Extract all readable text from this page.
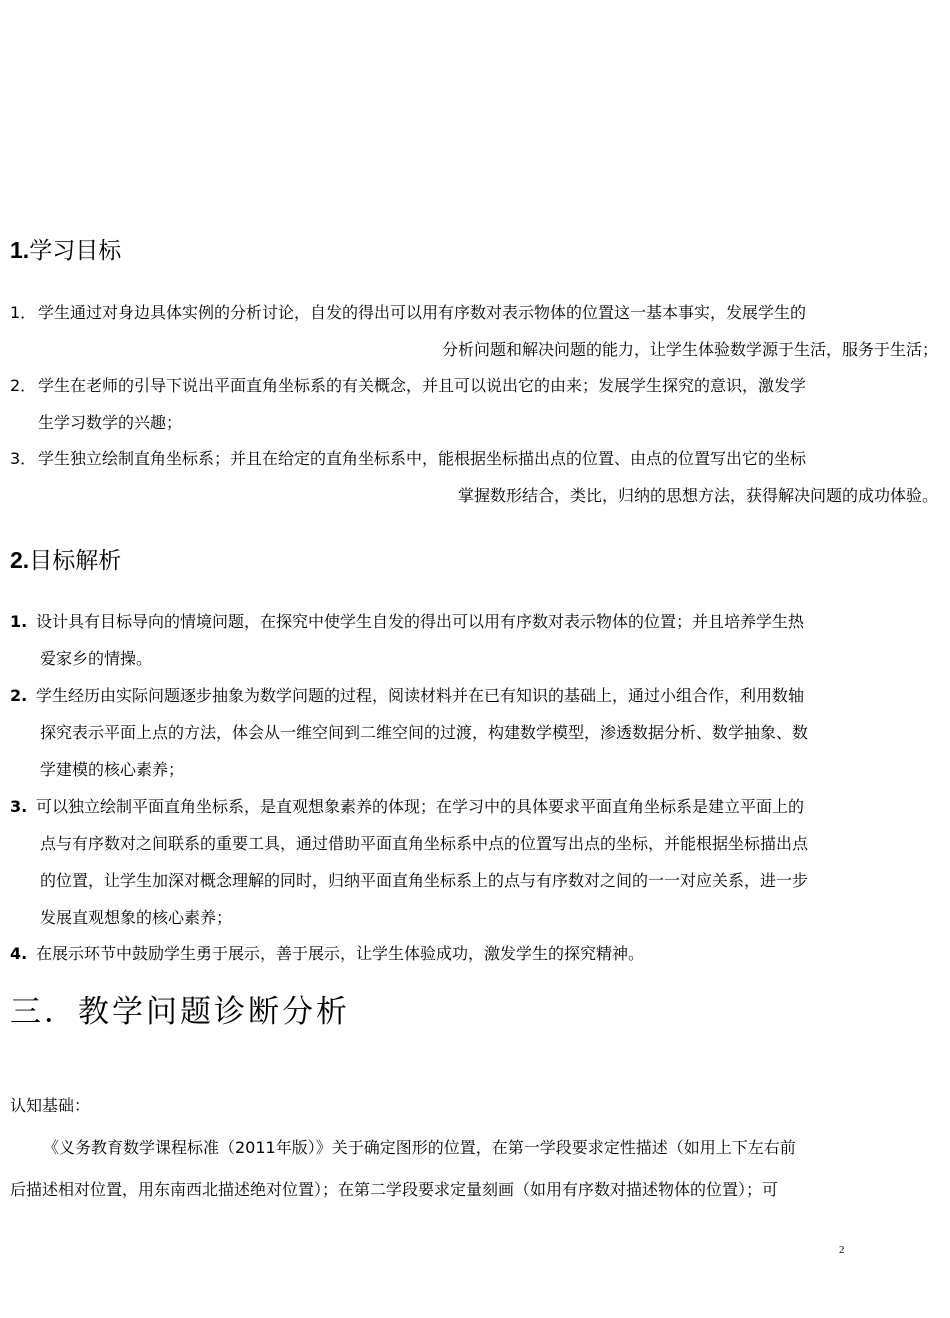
1.学习目标
1． 学生通过对身边具体实例的分析讨论，自发的得出可以用有序数对表示物体的位置这一基本事实，发展学生的
分析问题和解决问题的能力，让学生体验数学源于生活，服务于生活；
2． 学生在老师的引导下说出平面直角坐标系的有关概念，并且可以说出它的由来；发展学生探究的意识，激发学
生学习数学的兴趣；
3． 学生独立绘制直角坐标系；并且在给定的直角坐标系中，能根据坐标描出点的位置、由点的位置写出它的坐标
掌握数形结合，类比，归纳的思想方法，获得解决问题的成功体验。
2.目标解析
1. 设计具有目标导向的情境问题，在探究中使学生自发的得出可以用有序数对表示物体的位置；并且培养学生热
爱家乡的情操。
2. 学生经历由实际问题逐步抽象为数学问题的过程，阅读材料并在已有知识的基础上，通过小组合作，利用数轴
探究表示平面上点的方法，体会从一维空间到二维空间的过渡，构建数学模型，渗透数据分析、数学抽象、数
学建模的核心素养；
3. 可以独立绘制平面直角坐标系，是直观想象素养的体现；在学习中的具体要求平面直角坐标系是建立平面上的
点与有序数对之间联系的重要工具，通过借助平面直角坐标系中点的位置写出点的坐标，并能根据坐标描出点
的位置，让学生加深对概念理解的同时，归纳平面直角坐标系上的点与有序数对之间的一一对应关系，进一步
发展直观想象的核心素养；
4. 在展示环节中鼓励学生勇于展示，善于展示，让学生体验成功，激发学生的探究精神。
三．教学问题诊断分析
认知基础：
《义务教育数学课程标准（2011年版）》关于确定图形的位置，在第一学段要求定性描述（如用上下左右前
后描述相对位置，用东南西北描述绝对位置）；在第二学段要求定量刻画（如用有序数对描述物体的位置）；可
2
